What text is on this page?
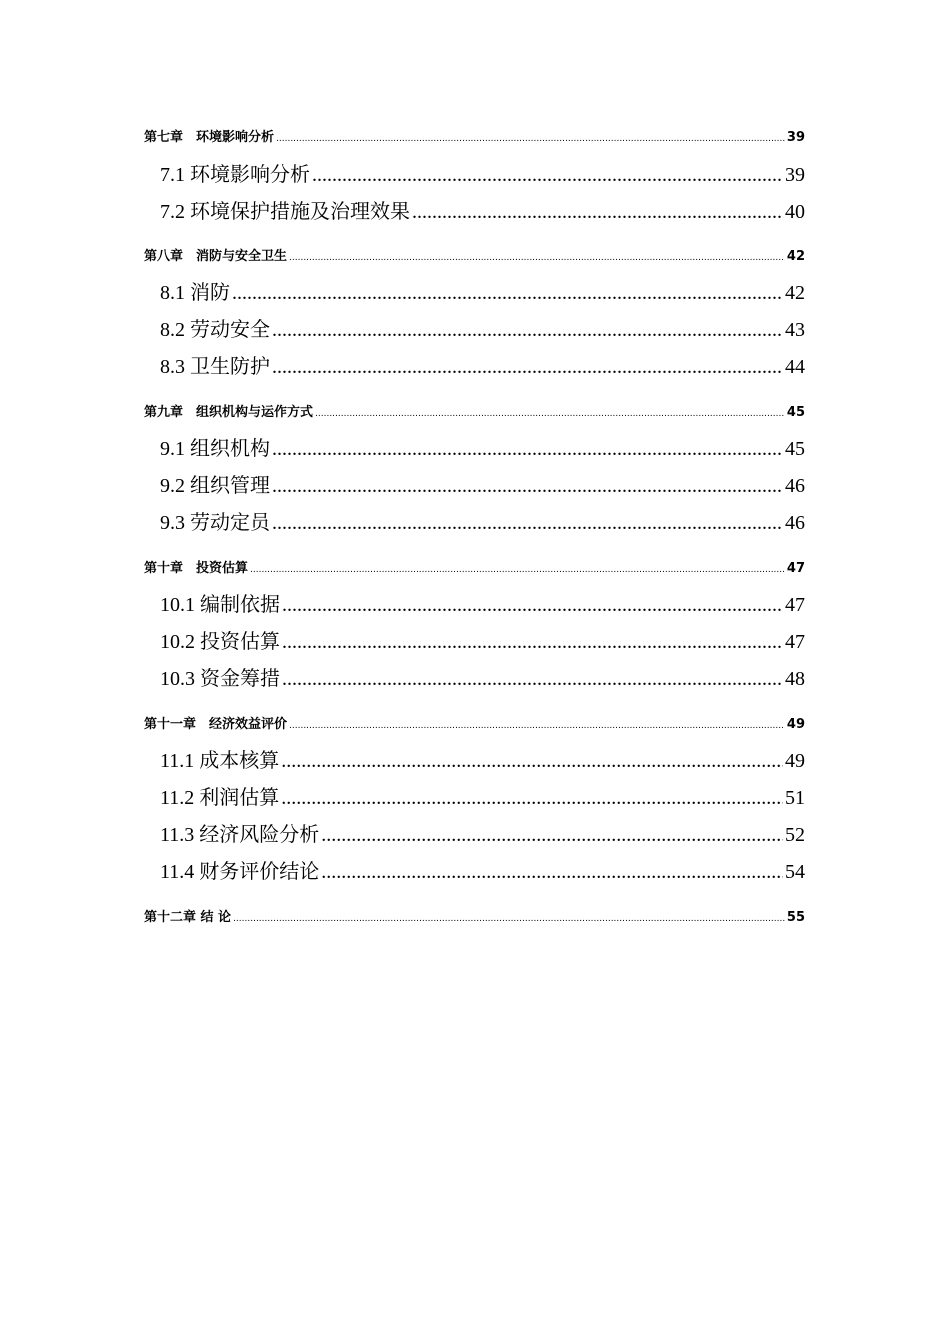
第七章　环境影响分析 .....	39
7.1 环境影响分析 .....	39
7.2 环境保护措施及治理效果 .....	40
第八章　消防与安全卫生 .....	42
8.1 消防 .....	42
8.2 劳动安全 .....	43
8.3 卫生防护 .....	44
第九章　组织机构与运作方式 .....	45
9.1 组织机构 .....	45
9.2 组织管理 .....	46
9.3 劳动定员 .....	46
第十章　投资估算 .....	47
10.1 编制依据 .....	47
10.2 投资估算 .....	47
10.3 资金筹措 .....	48
第十一章　经济效益评价 .....	49
11.1 成本核算 .....	49
11.2 利润估算 .....	51
11.3 经济风险分析 .....	52
11.4 财务评价结论 .....	54
第十二章 结 论 .....	55
